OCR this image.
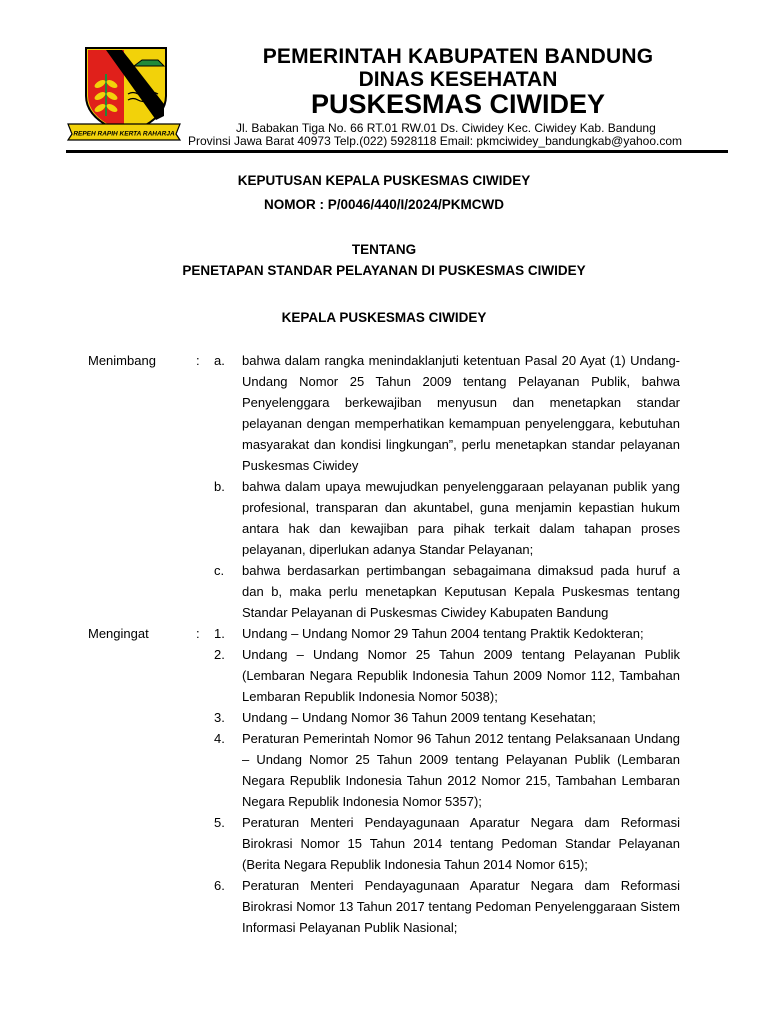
REPEH RAPIH KERTA RAHARJA
PEMERINTAH KABUPATEN BANDUNG
DINAS KESEHATAN
PUSKESMAS CIWIDEY
Jl. Babakan Tiga No. 66 RT.01 RW.01 Ds. Ciwidey Kec. Ciwidey Kab. Bandung
Provinsi Jawa Barat 40973 Telp.(022) 5928118 Email: pkmciwidey_bandungkab@yahoo.com
KEPUTUSAN KEPALA PUSKESMAS CIWIDEY
NOMOR : P/0046/440/I/2024/PKMCWD
TENTANG
PENETAPAN STANDAR PELAYANAN DI PUSKESMAS CIWIDEY
KEPALA PUSKESMAS CIWIDEY
Menimbang	:	a.	bahwa dalam rangka menindaklanjuti ketentuan Pasal 20 Ayat (1) Undang-Undang Nomor 25 Tahun 2009 tentang Pelayanan Publik, bahwa Penyelenggara berkewajiban menyusun dan menetapkan standar pelayanan dengan memperhatikan kemampuan penyelenggara, kebutuhan masyarakat dan kondisi lingkungan”, perlu menetapkan standar pelayanan Puskesmas Ciwidey
b.	bahwa dalam upaya mewujudkan penyelenggaraan pelayanan publik yang profesional, transparan dan akuntabel, guna menjamin kepastian hukum antara hak dan kewajiban para pihak terkait dalam tahapan proses pelayanan, diperlukan adanya Standar Pelayanan;
c.	bahwa berdasarkan pertimbangan sebagaimana dimaksud pada huruf a dan b, maka perlu menetapkan Keputusan Kepala Puskesmas tentang Standar Pelayanan di Puskesmas Ciwidey Kabupaten Bandung
Mengingat	:	1.	Undang – Undang Nomor 29 Tahun 2004 tentang Praktik Kedokteran;
2.	Undang – Undang Nomor 25 Tahun 2009 tentang Pelayanan Publik (Lembaran Negara Republik Indonesia Tahun 2009 Nomor 112, Tambahan Lembaran Republik Indonesia Nomor 5038);
3.	Undang – Undang Nomor 36 Tahun 2009 tentang Kesehatan;
4.	Peraturan Pemerintah Nomor 96 Tahun 2012 tentang Pelaksanaan Undang – Undang Nomor 25 Tahun 2009 tentang Pelayanan Publik (Lembaran Negara Republik Indonesia Tahun 2012 Nomor 215, Tambahan Lembaran Negara Republik Indonesia Nomor 5357);
5.	Peraturan Menteri Pendayagunaan Aparatur Negara dam Reformasi Birokrasi Nomor 15 Tahun 2014 tentang Pedoman Standar Pelayanan (Berita Negara Republik Indonesia Tahun 2014 Nomor 615);
6.	Peraturan Menteri Pendayagunaan Aparatur Negara dam Reformasi Birokrasi Nomor 13 Tahun 2017 tentang Pedoman Penyelenggaraan Sistem Informasi Pelayanan Publik Nasional;
